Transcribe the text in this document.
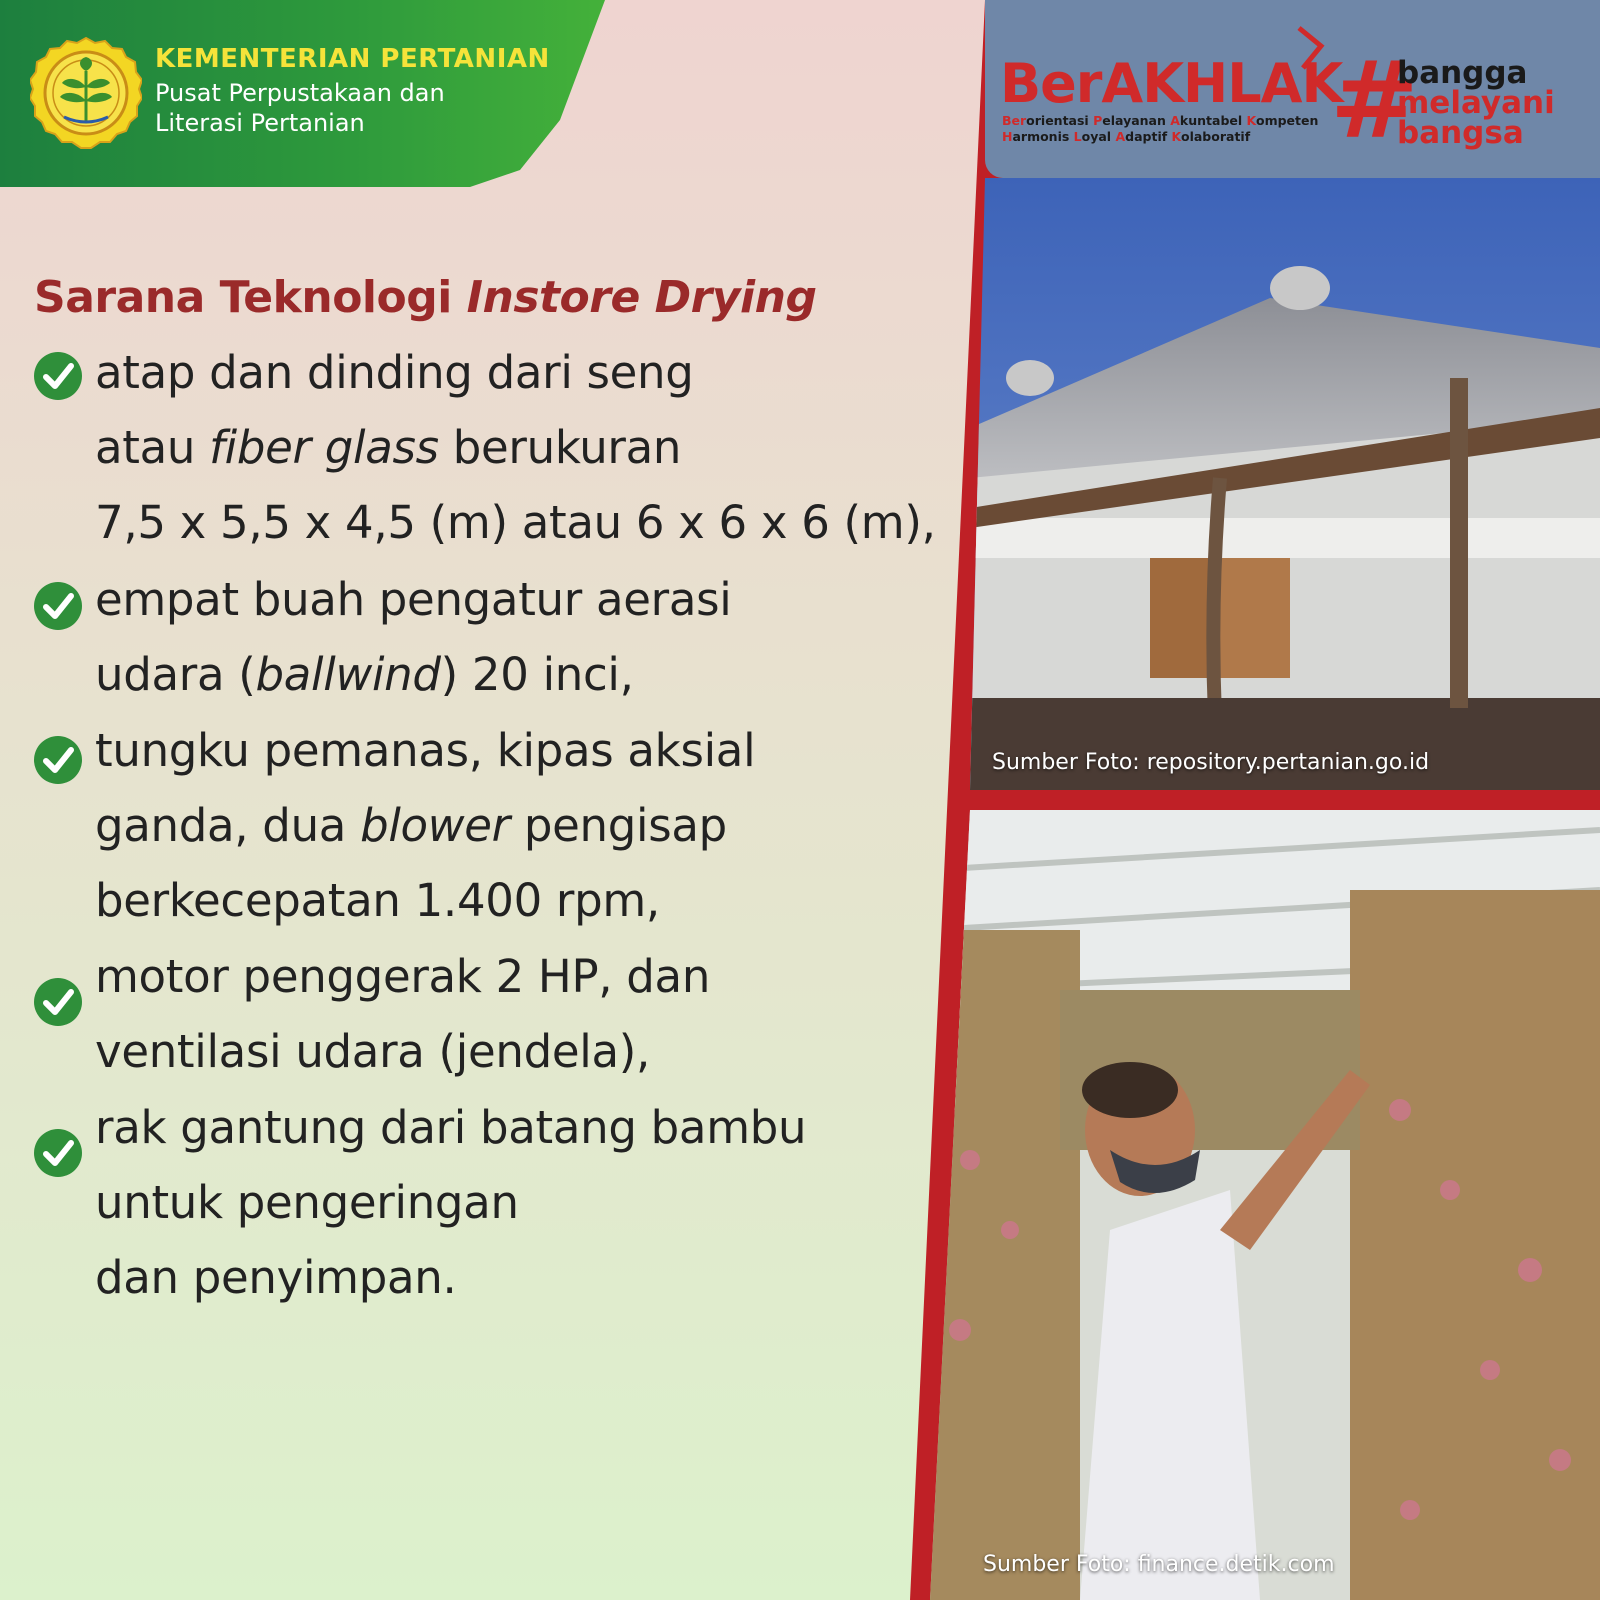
KEMENTERIAN PERTANIAN
Pusat Perpustakaan dan
Literasi Pertanian
Sarana Teknologi Instore Drying
atap dan dinding dari seng
atau fiber glass berukuran
7,5 x 5,5 x 4,5 (m) atau 6 x 6 x 6 (m),
empat buah pengatur aerasi
udara (ballwind) 20 inci,
tungku pemanas, kipas aksial
ganda, dua blower pengisap
berkecepatan 1.400 rpm,
motor penggerak 2 HP, dan
ventilasi udara (jendela),
rak gantung dari batang bambu
untuk pengeringan
dan penyimpan.
BerAKHLAK
Berorientasi Pelayanan Akuntabel Kompeten
Harmonis Loyal Adaptif Kolaboratif #
bangga
melayani
bangsa
Sumber Foto: repository.pertanian.go.id
Sumber Foto: finance.detik.com
